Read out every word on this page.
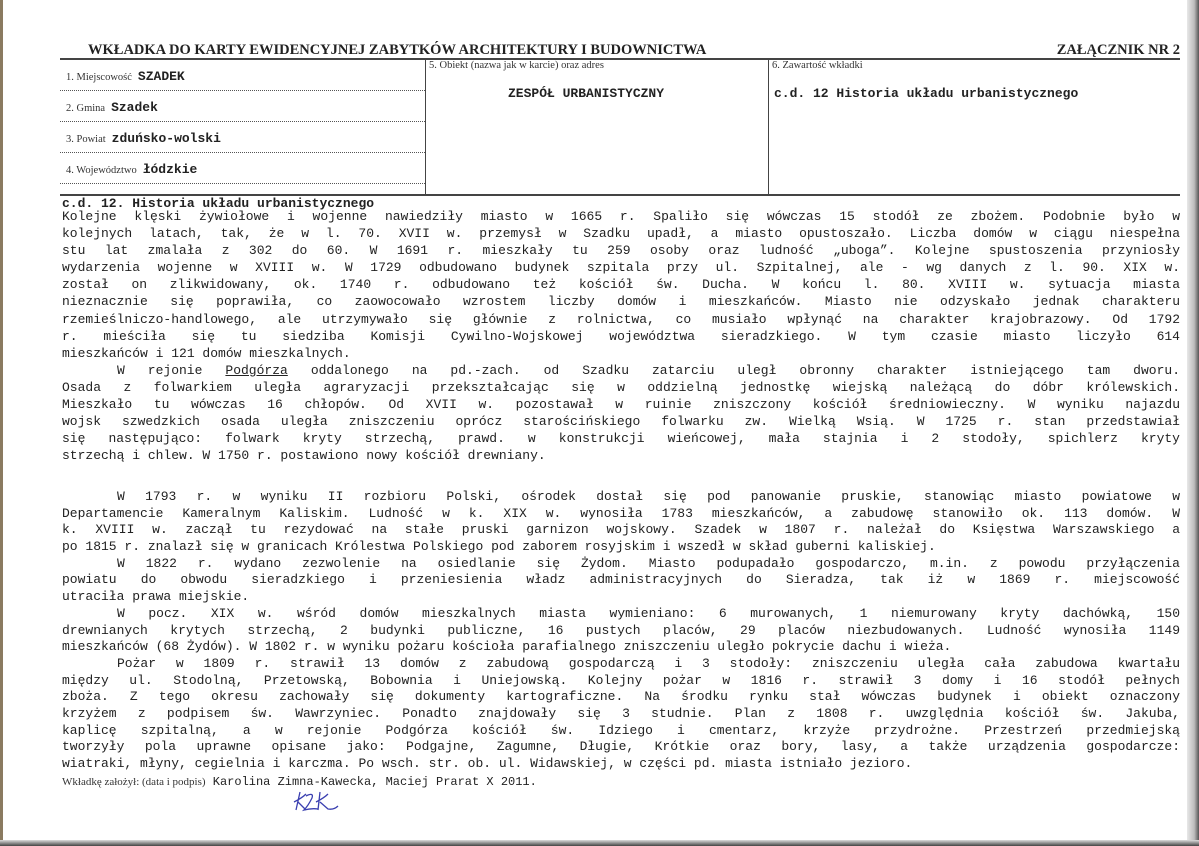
WKŁADKA DO KARTY EWIDENCYJNEJ ZABYTKÓW ARCHITEKTURY I BUDOWNICTWA	ZAŁĄCZNIK NR 2
1. Miejscowość SZADEK
2. Gmina Szadek
3. Powiat zduńsko-wolski
4. Województwo łódzkie
5. Obiekt (nazwa jak w karcie) oraz adres
ZESPÓŁ URBANISTYCZNY
6. Zawartość wkładki
c.d. 12 Historia układu urbanistycznego
c.d. 12. Historia układu urbanistycznego
Kolejne klęski żywiołowe i wojenne nawiedziły miasto w 1665 r. Spaliło się wówczas 15 stodół ze zbożem. Podobnie było w
kolejnych latach, tak, że w l. 70. XVII w. przemysł w Szadku upadł, a miasto opustoszało. Liczba domów w ciągu niespełna
stu lat zmalała z 302 do 60. W 1691 r. mieszkały tu 259 osoby oraz ludność „uboga”. Kolejne spustoszenia przyniosły
wydarzenia wojenne w XVIII w. W 1729 odbudowano budynek szpitala przy ul. Szpitalnej, ale - wg danych z l. 90. XIX w.
został on zlikwidowany, ok. 1740 r. odbudowano też kościół św. Ducha. W końcu l. 80. XVIII w. sytuacja miasta
nieznacznie się poprawiła, co zaowocowało wzrostem liczby domów i mieszkańców. Miasto nie odzyskało jednak charakteru
rzemieślniczo-handlowego, ale utrzymywało się głównie z rolnictwa, co musiało wpłynąć na charakter krajobrazowy. Od 1792
r. mieściła się tu siedziba Komisji Cywilno-Wojskowej województwa sieradzkiego. W tym czasie miasto liczyło 614
mieszkańców i 121 domów mieszkalnych.
W rejonie Podgórza oddalonego na pd.-zach. od Szadku zatarciu uległ obronny charakter istniejącego tam dworu.
Osada z folwarkiem uległa agraryzacji przekształcając się w oddzielną jednostkę wiejską należącą do dóbr królewskich.
Mieszkało tu wówczas 16 chłopów. Od XVII w. pozostawał w ruinie zniszczony kościół średniowieczny. W wyniku najazdu
wojsk szwedzkich osada uległa zniszczeniu oprócz starościńskiego folwarku zw. Wielką Wsią. W 1725 r. stan przedstawiał
się następująco: folwark kryty strzechą, prawd. w konstrukcji wieńcowej, mała stajnia i 2 stodoły, spichlerz kryty
strzechą i chlew. W 1750 r. postawiono nowy kościół drewniany.
W 1793 r. w wyniku II rozbioru Polski, ośrodek dostał się pod panowanie pruskie, stanowiąc miasto powiatowe w
Departamencie Kameralnym Kaliskim. Ludność w k. XIX w. wynosiła 1783 mieszkańców, a zabudowę stanowiło ok. 113 domów. W
k. XVIII w. zaczął tu rezydować na stałe pruski garnizon wojskowy. Szadek w 1807 r. należał do Księstwa Warszawskiego a
po 1815 r. znalazł się w granicach Królestwa Polskiego pod zaborem rosyjskim i wszedł w skład guberni kaliskiej.
W 1822 r. wydano zezwolenie na osiedlanie się Żydom. Miasto podupadało gospodarczo, m.in. z powodu przyłączenia
powiatu do obwodu sieradzkiego i przeniesienia władz administracyjnych do Sieradza, tak iż w 1869 r. miejscowość
utraciła prawa miejskie.
W pocz. XIX w. wśród domów mieszkalnych miasta wymieniano: 6 murowanych, 1 niemurowany kryty dachówką, 150
drewnianych krytych strzechą, 2 budynki publiczne, 16 pustych placów, 29 placów niezbudowanych. Ludność wynosiła 1149
mieszkańców (68 Żydów). W 1802 r. w wyniku pożaru kościoła parafialnego zniszczeniu uległo pokrycie dachu i wieża.
Pożar w 1809 r. strawił 13 domów z zabudową gospodarczą i 3 stodoły: zniszczeniu uległa cała zabudowa kwartału
między ul. Stodolną, Przetowską, Bobownia i Uniejowską. Kolejny pożar w 1816 r. strawił 3 domy i 16 stodół pełnych
zboża. Z tego okresu zachowały się dokumenty kartograficzne. Na środku rynku stał wówczas budynek i obiekt oznaczony
krzyżem z podpisem św. Wawrzyniec. Ponadto znajdowały się 3 studnie. Plan z 1808 r. uwzględnia kościół św. Jakuba,
kaplicę szpitalną, a w rejonie Podgórza kościół św. Idziego i cmentarz, krzyże przydrożne. Przestrzeń przedmiejską
tworzyły pola uprawne opisane jako: Podgajne, Zagumne, Długie, Krótkie oraz bory, lasy, a także urządzenia gospodarcze:
wiatraki, młyny, cegielnia i karczma. Po wsch. str. ob. ul. Widawskiej, w części pd. miasta istniało jezioro.
Wkładkę założył: (data i podpis) Karolina Zimna-Kawecka, Maciej Prarat X 2011.
